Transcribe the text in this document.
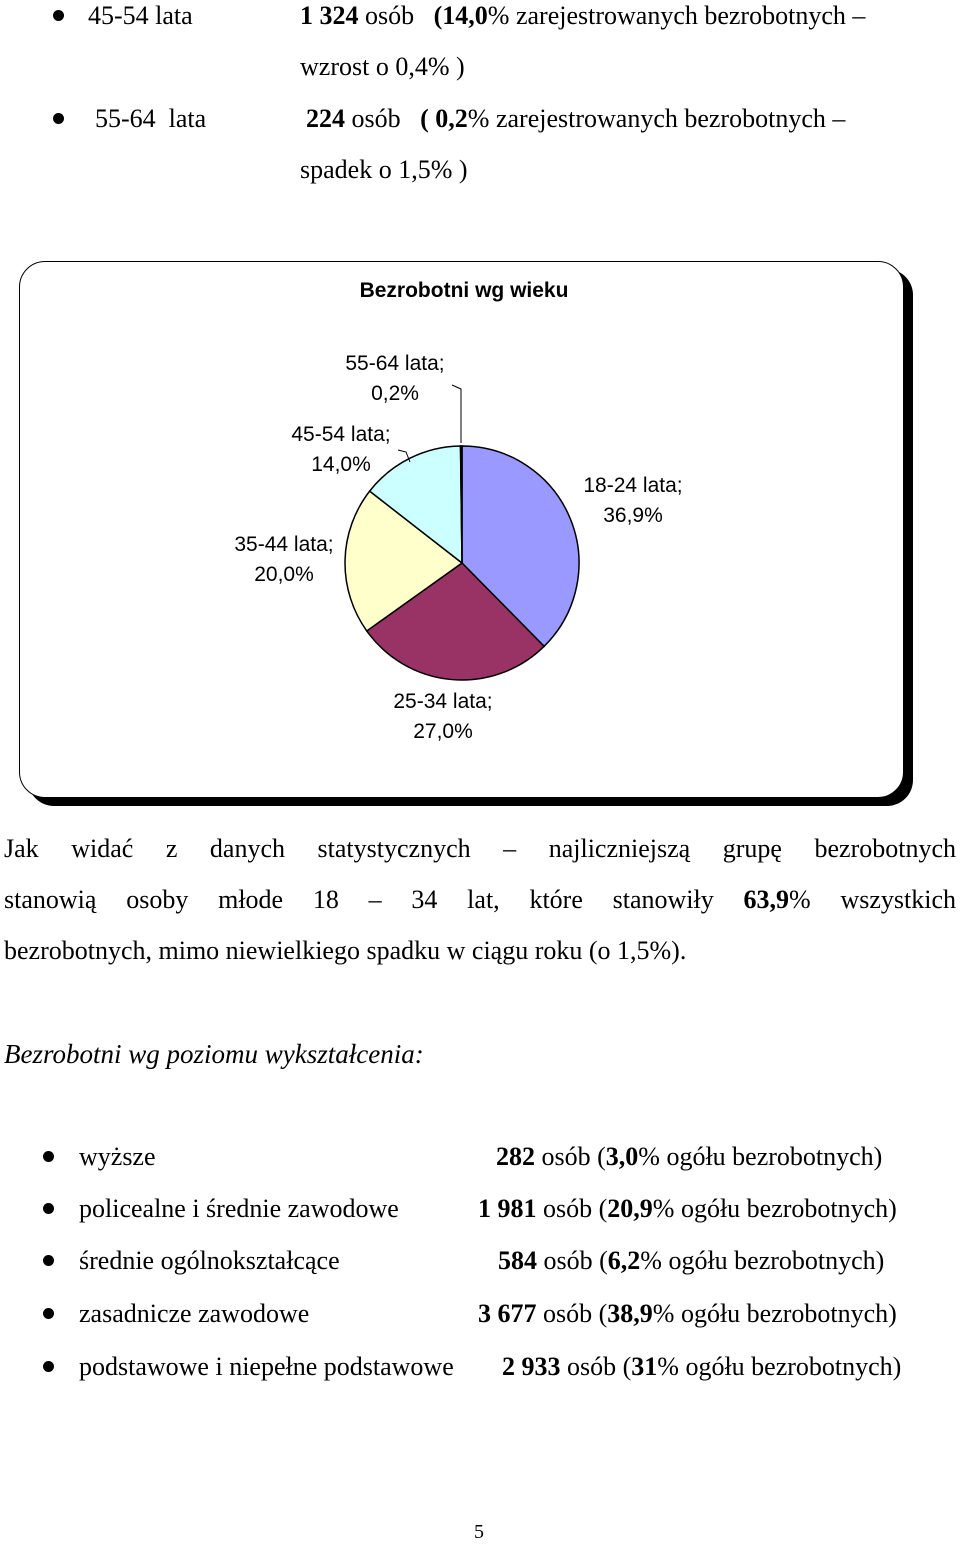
45-54 lata	1 324 osób (14,0% zarejestrowanych bezrobotnych –
wzrost o 0,4% )
55-64  lata	224 osób ( 0,2% zarejestrowanych bezrobotnych –
spadek o 1,5% )
Bezrobotni wg wieku
55-64 lata;
0,2%
45-54 lata;
14,0%
35-44 lata;
20,0%
18-24 lata;
36,9%
25-34 lata;
27,0%
Jak widać z danych statystycznych – najliczniejszą grupę bezrobotnych
stanowią osoby młode 18 – 34 lat, które stanowiły 63,9% wszystkich
bezrobotnych, mimo niewielkiego spadku w ciągu roku (o 1,5%).
Bezrobotni wg poziomu wykształcenia:
wyższe	282 osób (3,0% ogółu bezrobotnych)
policealne i średnie zawodowe	1 981 osób (20,9% ogółu bezrobotnych)
średnie ogólnokształcące	584 osób (6,2% ogółu bezrobotnych)
zasadnicze zawodowe	3 677 osób (38,9% ogółu bezrobotnych)
podstawowe i niepełne podstawowe 2 933 osób (31% ogółu bezrobotnych)
5
